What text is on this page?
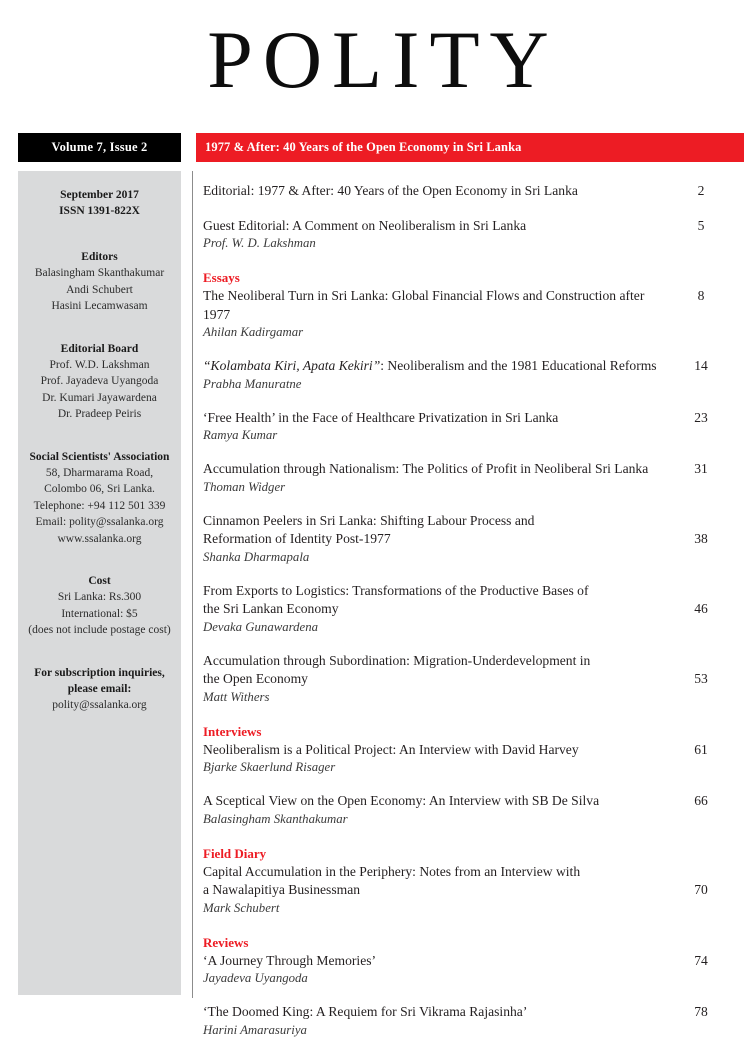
POLITY
Volume 7, Issue 2	1977 & After: 40 Years of the Open Economy in Sri Lanka
September 2017
ISSN 1391-822X
Editors
Balasingham Skanthakumar
Andi Schubert
Hasini Lecamwasam
Editorial Board
Prof. W.D. Lakshman
Prof. Jayadeva Uyangoda
Dr. Kumari Jayawardena
Dr. Pradeep Peiris
Social Scientists' Association
58, Dharmarama Road,
Colombo 06, Sri Lanka.
Telephone: +94 112 501 339
Email: polity@ssalanka.org
www.ssalanka.org
Cost
Sri Lanka: Rs.300
International: $5
(does not include postage cost)
For subscription inquiries,
please email:
polity@ssalanka.org
Editorial: 1977 & After: 40 Years of the Open Economy in Sri Lanka	2
Guest Editorial: A Comment on Neoliberalism in Sri Lanka
Prof. W. D. Lakshman
5
Essays
The Neoliberal Turn in Sri Lanka: Global Financial Flows and Construction after 1977
Ahilan Kadirgamar
8
“Kolambata Kiri, Apata Kekiri”: Neoliberalism and the 1981 Educational Reforms
Prabha Manuratne
14
‘Free Health’ in the Face of Healthcare Privatization in Sri Lanka
Ramya Kumar
23
Accumulation through Nationalism: The Politics of Profit in Neoliberal Sri Lanka
Thoman Widger
31
Cinnamon Peelers in Sri Lanka: Shifting Labour Process and
Reformation of Identity Post-1977
Shanka Dharmapala
38
From Exports to Logistics: Transformations of the Productive Bases of
the Sri Lankan Economy
Devaka Gunawardena
46
Accumulation through Subordination: Migration-Underdevelopment in
the Open Economy
Matt Withers
53
Interviews
Neoliberalism is a Political Project: An Interview with David Harvey
Bjarke Skaerlund Risager
61
A Sceptical View on the Open Economy: An Interview with SB De Silva
Balasingham Skanthakumar
66
Field Diary
Capital Accumulation in the Periphery: Notes from an Interview with
a Nawalapitiya Businessman
Mark Schubert
70
Reviews
‘A Journey Through Memories’
Jayadeva Uyangoda
74
‘The Doomed King: A Requiem for Sri Vikrama Rajasinha’
Harini Amarasuriya
78
